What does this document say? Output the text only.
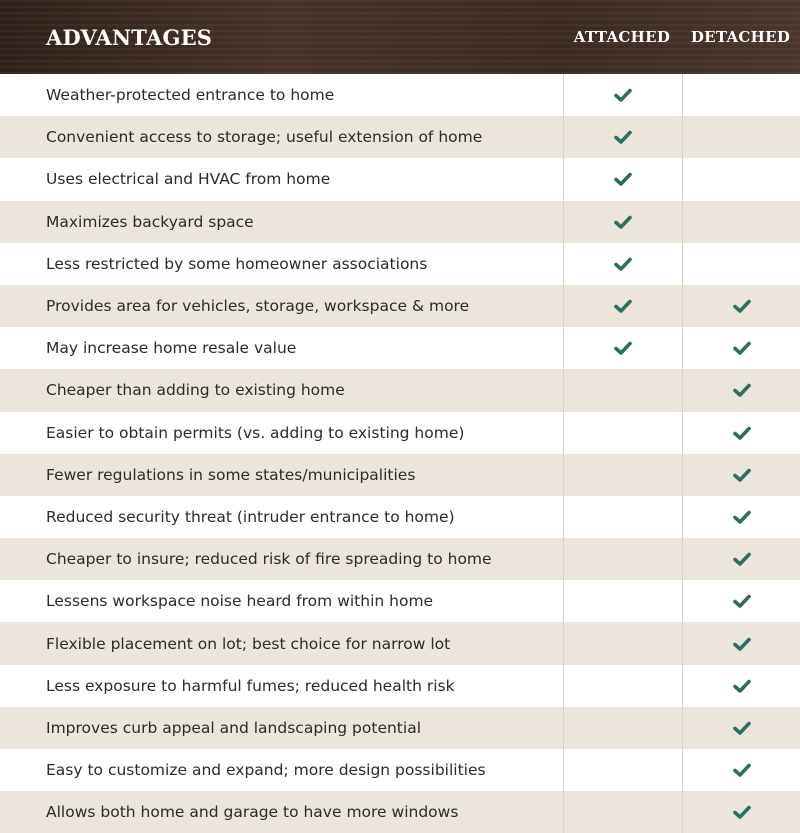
ADVANTAGES	ATTACHED	DETACHED
Weather-protected entrance to home
Convenient access to storage; useful extension of home
Uses electrical and HVAC from home
Maximizes backyard space
Less restricted by some homeowner associations
Provides area for vehicles, storage, workspace & more
May increase home resale value
Cheaper than adding to existing home
Easier to obtain permits (vs. adding to existing home)
Fewer regulations in some states/municipalities
Reduced security threat (intruder entrance to home)
Cheaper to insure; reduced risk of fire spreading to home
Lessens workspace noise heard from within home
Flexible placement on lot; best choice for narrow lot
Less exposure to harmful fumes; reduced health risk
Improves curb appeal and landscaping potential
Easy to customize and expand; more design possibilities
Allows both home and garage to have more windows
